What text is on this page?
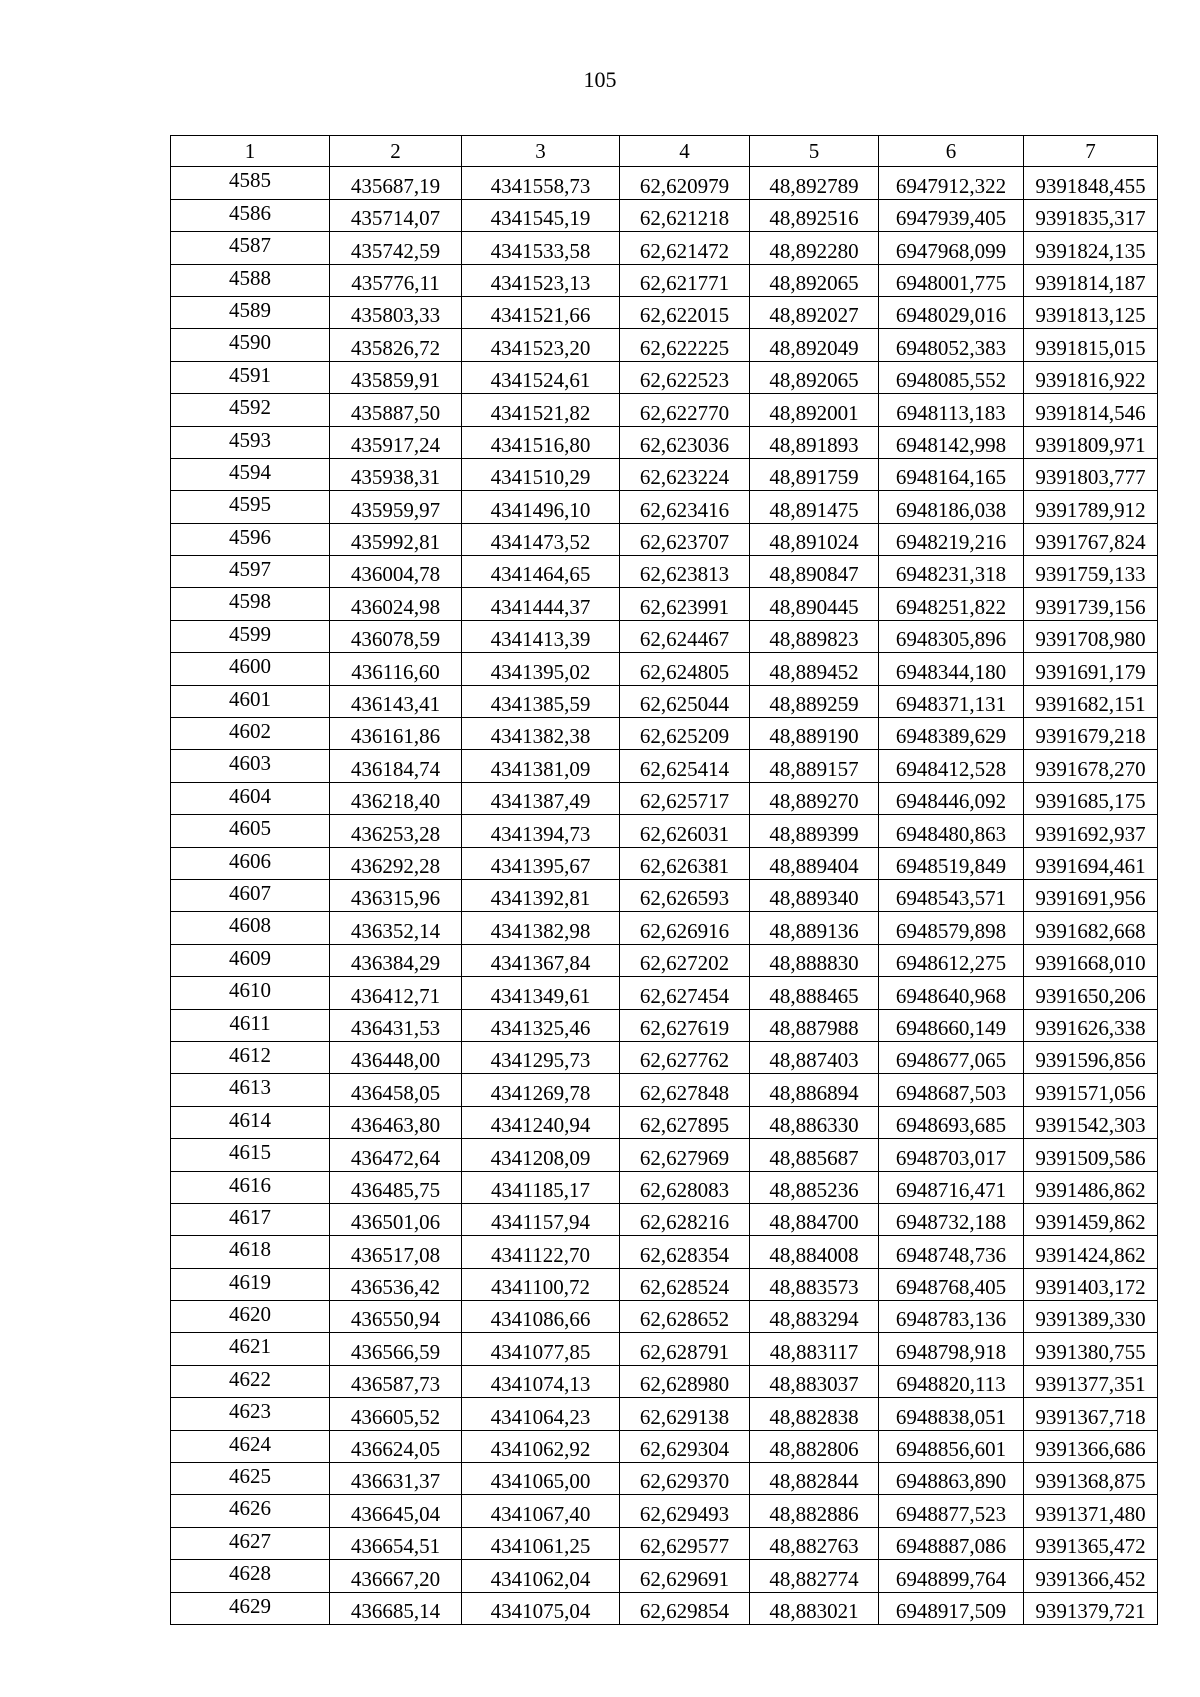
105
1	2	3	4	5	6	7
4585	435687,19	4341558,73	62,620979	48,892789	6947912,322	9391848,455
4586	435714,07	4341545,19	62,621218	48,892516	6947939,405	9391835,317
4587	435742,59	4341533,58	62,621472	48,892280	6947968,099	9391824,135
4588	435776,11	4341523,13	62,621771	48,892065	6948001,775	9391814,187
4589	435803,33	4341521,66	62,622015	48,892027	6948029,016	9391813,125
4590	435826,72	4341523,20	62,622225	48,892049	6948052,383	9391815,015
4591	435859,91	4341524,61	62,622523	48,892065	6948085,552	9391816,922
4592	435887,50	4341521,82	62,622770	48,892001	6948113,183	9391814,546
4593	435917,24	4341516,80	62,623036	48,891893	6948142,998	9391809,971
4594	435938,31	4341510,29	62,623224	48,891759	6948164,165	9391803,777
4595	435959,97	4341496,10	62,623416	48,891475	6948186,038	9391789,912
4596	435992,81	4341473,52	62,623707	48,891024	6948219,216	9391767,824
4597	436004,78	4341464,65	62,623813	48,890847	6948231,318	9391759,133
4598	436024,98	4341444,37	62,623991	48,890445	6948251,822	9391739,156
4599	436078,59	4341413,39	62,624467	48,889823	6948305,896	9391708,980
4600	436116,60	4341395,02	62,624805	48,889452	6948344,180	9391691,179
4601	436143,41	4341385,59	62,625044	48,889259	6948371,131	9391682,151
4602	436161,86	4341382,38	62,625209	48,889190	6948389,629	9391679,218
4603	436184,74	4341381,09	62,625414	48,889157	6948412,528	9391678,270
4604	436218,40	4341387,49	62,625717	48,889270	6948446,092	9391685,175
4605	436253,28	4341394,73	62,626031	48,889399	6948480,863	9391692,937
4606	436292,28	4341395,67	62,626381	48,889404	6948519,849	9391694,461
4607	436315,96	4341392,81	62,626593	48,889340	6948543,571	9391691,956
4608	436352,14	4341382,98	62,626916	48,889136	6948579,898	9391682,668
4609	436384,29	4341367,84	62,627202	48,888830	6948612,275	9391668,010
4610	436412,71	4341349,61	62,627454	48,888465	6948640,968	9391650,206
4611	436431,53	4341325,46	62,627619	48,887988	6948660,149	9391626,338
4612	436448,00	4341295,73	62,627762	48,887403	6948677,065	9391596,856
4613	436458,05	4341269,78	62,627848	48,886894	6948687,503	9391571,056
4614	436463,80	4341240,94	62,627895	48,886330	6948693,685	9391542,303
4615	436472,64	4341208,09	62,627969	48,885687	6948703,017	9391509,586
4616	436485,75	4341185,17	62,628083	48,885236	6948716,471	9391486,862
4617	436501,06	4341157,94	62,628216	48,884700	6948732,188	9391459,862
4618	436517,08	4341122,70	62,628354	48,884008	6948748,736	9391424,862
4619	436536,42	4341100,72	62,628524	48,883573	6948768,405	9391403,172
4620	436550,94	4341086,66	62,628652	48,883294	6948783,136	9391389,330
4621	436566,59	4341077,85	62,628791	48,883117	6948798,918	9391380,755
4622	436587,73	4341074,13	62,628980	48,883037	6948820,113	9391377,351
4623	436605,52	4341064,23	62,629138	48,882838	6948838,051	9391367,718
4624	436624,05	4341062,92	62,629304	48,882806	6948856,601	9391366,686
4625	436631,37	4341065,00	62,629370	48,882844	6948863,890	9391368,875
4626	436645,04	4341067,40	62,629493	48,882886	6948877,523	9391371,480
4627	436654,51	4341061,25	62,629577	48,882763	6948887,086	9391365,472
4628	436667,20	4341062,04	62,629691	48,882774	6948899,764	9391366,452
4629	436685,14	4341075,04	62,629854	48,883021	6948917,509	9391379,721
